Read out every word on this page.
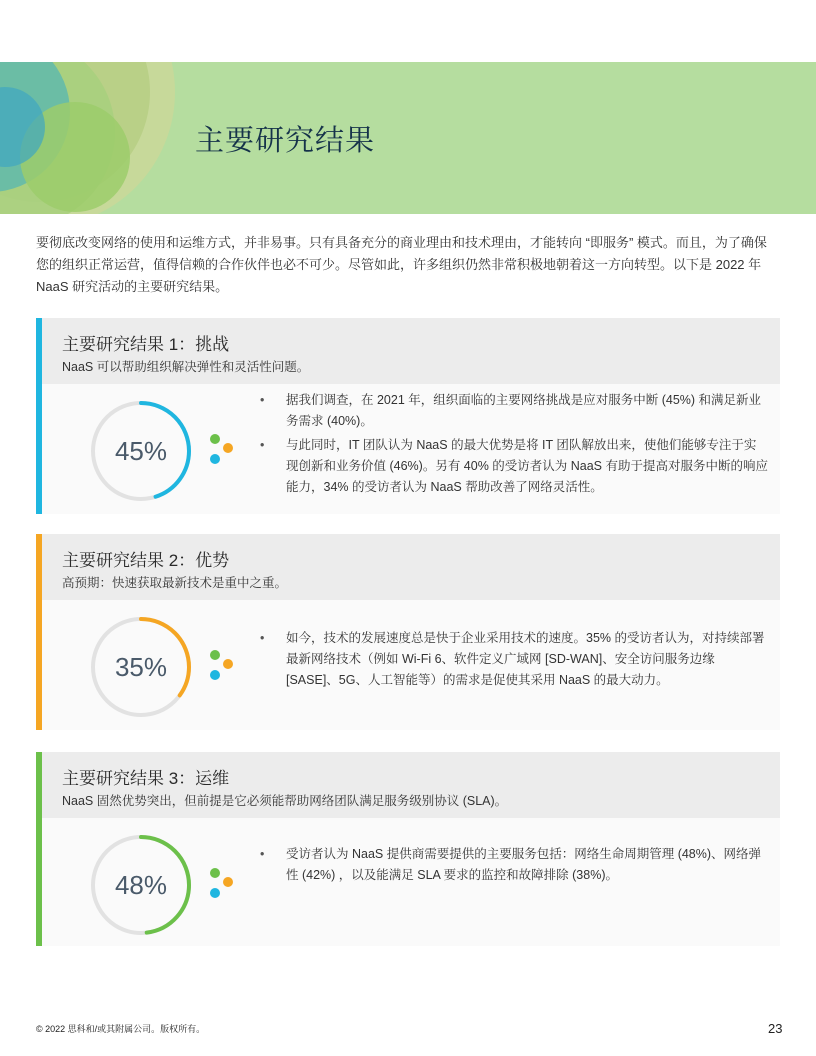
主要研究结果
要彻底改变网络的使用和运维方式，并非易事。只有具备充分的商业理由和技术理由，才能转向 “即服务” 模式。而且，为了确保您的组织正常运营，值得信赖的合作伙伴也必不可少。尽管如此，许多组织仍然非常积极地朝着这一方向转型。以下是 2022 年 NaaS 研究活动的主要研究结果。
主要研究结果 1：挑战
NaaS 可以帮助组织解决弹性和灵活性问题。
45%
• 据我们调查，在 2021 年，组织面临的主要网络挑战是应对服务中断 (45%) 和满足新业务需求 (40%)。
• 与此同时，IT 团队认为 NaaS 的最大优势是将 IT 团队解放出来，使他们能够专注于实现创新和业务价值 (46%)。另有 40% 的受访者认为 NaaS 有助于提高对服务中断的响应能力，34% 的受访者认为 NaaS 帮助改善了网络灵活性。
主要研究结果 2：优势
高预期：快速获取最新技术是重中之重。
35%
• 如今，技术的发展速度总是快于企业采用技术的速度。35% 的受访者认为，对持续部署最新网络技术（例如 Wi-Fi 6、软件定义广域网 [SD-WAN]、安全访问服务边缘 [SASE]、5G、人工智能等）的需求是促使其采用 NaaS 的最大动力。
主要研究结果 3：运维
NaaS 固然优势突出，但前提是它必须能帮助网络团队满足服务级别协议 (SLA)。
48%
• 受访者认为 NaaS 提供商需要提供的主要服务包括：网络生命周期管理 (48%)、网络弹性 (42%) ，以及能满足 SLA 要求的监控和故障排除 (38%)。
© 2022 思科和/或其附属公司。版权所有。	23
